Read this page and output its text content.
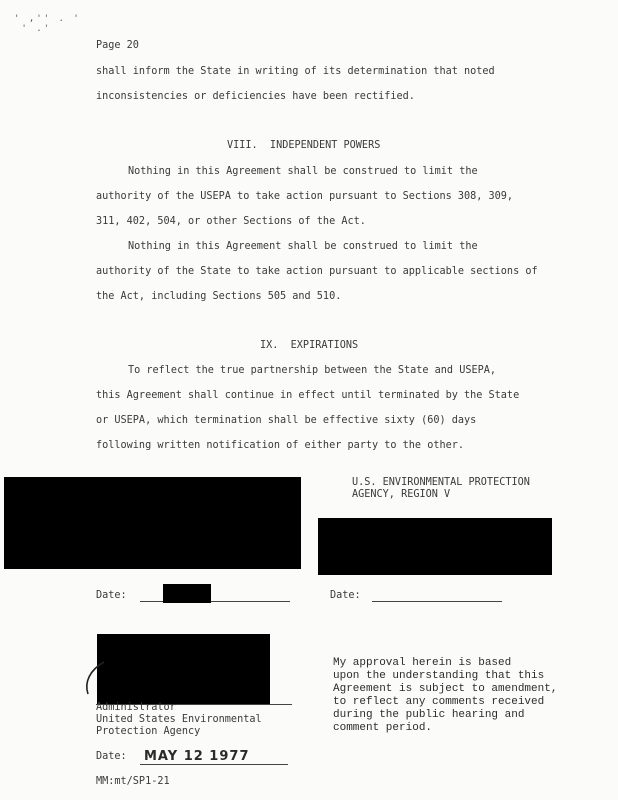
' ,'' . '
' .'
Page 20
shall inform the State in writing of its determination that noted
inconsistencies or deficiencies have been rectified.
VIII.  INDEPENDENT POWERS
Nothing in this Agreement shall be construed to limit the
authority of the USEPA to take action pursuant to Sections 308, 309,
311, 402, 504, or other Sections of the Act.
Nothing in this Agreement shall be construed to limit the
authority of the State to take action pursuant to applicable sections of
the Act, including Sections 505 and 510.
IX.  EXPIRATIONS
To reflect the true partnership between the State and USEPA,
this Agreement shall continue in effect until terminated by the State
or USEPA, which termination shall be effective sixty (60) days
following written notification of either party to the other.
U.S. ENVIRONMENTAL PROTECTION
AGENCY, REGION V
Date:	Date:
Administrator
United States Environmental
Protection Agency
Date: MAY 12 1977
MM:mt/SP1-21
My approval herein is based
upon the understanding that this
Agreement is subject to amendment,
to reflect any comments received
during the public hearing and
comment period.
